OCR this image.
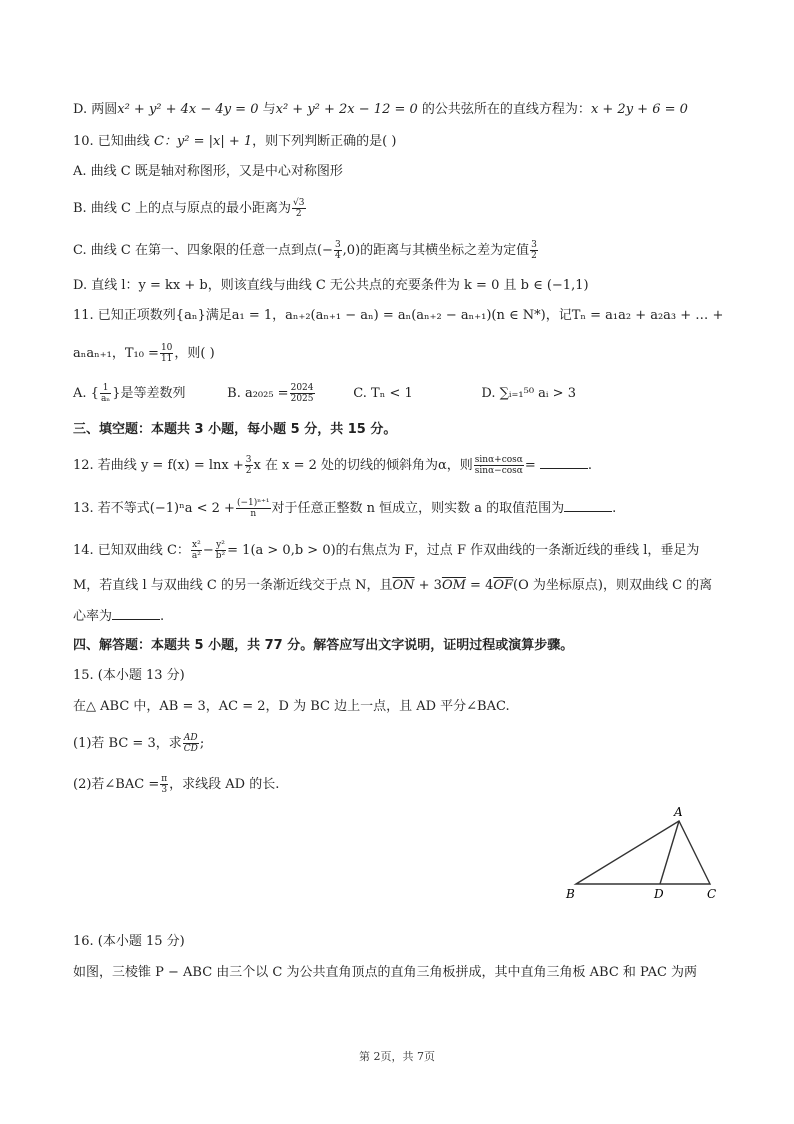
D. 两圆x² + y² + 4x − 4y = 0 与x² + y² + 2x − 12 = 0 的公共弦所在的直线方程为：x + 2y + 6 = 0
10. 已知曲线 C：y² = |x| + 1，则下列判断正确的是( )
A. 曲线 C 既是轴对称图形，又是中心对称图形
B. 曲线 C 上的点与原点的最小距离为 $\frac{√3}{2}$
C. 曲线 C 在第一、四象限的任意一点到点(− $\frac{3}{4} ,0$)的距离与其横坐标之差为定值 $\frac{3}{2}$
D. 直线 l：y = kx + b，则该直线与曲线 C 无公共点的充要条件为 k = 0 且 b ∈ (−1,1)
11. 已知正项数列{aₙ}满足a₁ = 1，aₙ₊₂(aₙ₊₁ − aₙ) = aₙ(aₙ₊₂ − aₙ₊₁)(n ∈ N*)，记Tₙ = a₁a₂ + a₂a₃ + … +
aₙaₙ₊₁，$T_{10} = \frac{10}{11}$ ，则( )
A. { $\frac{1}{\text{aₙ}}$ }是等差数列	B. $a_{2025} = \frac{2024}{2025}$	C. Tₙ < 1	D. ∑ᵢ₌₁⁵⁰ aᵢ > 3
三、填空题：本题共 3 小题，每小题 5 分，共 15 分。
12. 若曲线 $y = f(x) = \ln x + \frac{3}{2}$ x 在 x = 2 处的切线的倾斜角为α，则 $\frac{\sin\alpha+\cos\alpha}{\sin\alpha-\cos\alpha}$ =	.
13. 若不等式$(-1)^na < 2 + \frac{\text{(−1)ⁿ⁺¹}}{n}$ 对于任意正整数 n 恒成立，则实数 a 的取值范围为	.
14. 已知双曲线 C： $\frac{\text{x²}}{\text{a²}} - \frac{\text{y²}}{\text{b²}} = 1(a > 0,b > 0)$的右焦点为 F，过点 F 作双曲线的一条渐近线的垂线 l，垂足为
M，若直线 l 与双曲线 C 的另一条渐近线交于点 N，且$\overline{ON} + 3\overline{OM} = 4\overline{OF}(O$ 为坐标原点)，则双曲线 C 的离
心率为	.
四、解答题：本题共 5 小题，共 77 分。解答应写出文字说明，证明过程或演算步骤。
15. (本小题 13 分)
在△ ABC 中，AB = 3，AC = 2，D 为 BC 边上一点，且 AD 平分∠BAC.
(1)若 BC = 3，求 $\frac{AD}{CD}$ ;
(2)若∠BAC = $\frac{\pi}{3}$ ，求线段 AD 的长.
A
B	D	C
16. (本小题 15 分)
如图，三棱锥 P − ABC 由三个以 C 为公共直角顶点的直角三角板拼成，其中直角三角板 ABC 和 PAC 为两
第 2页，共 7页
